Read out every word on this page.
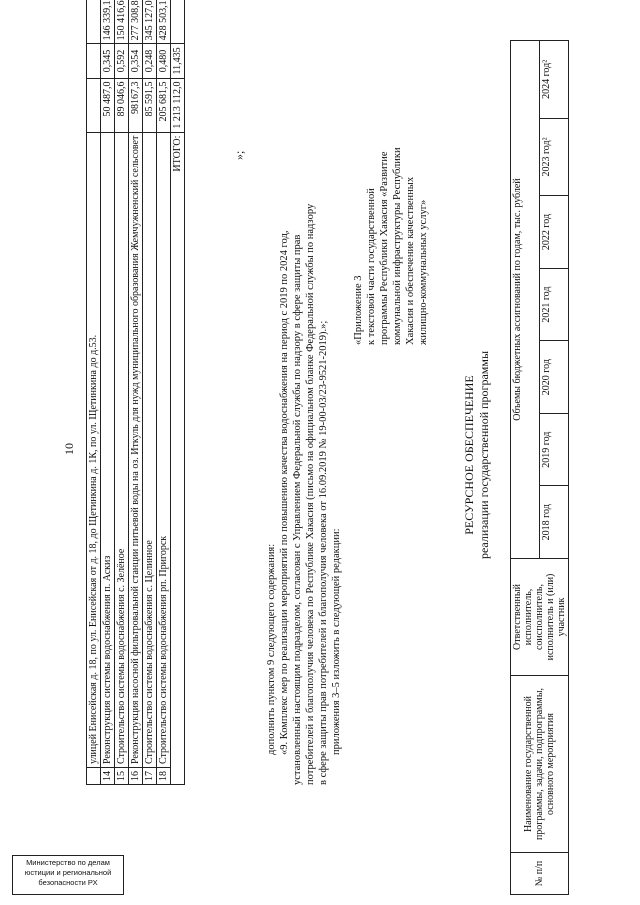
Министерство по делам
юстиции и региональной
безопасности РХ
10
	улицей Енисейская д. 18, по ул. Енисейская от д. 18, до Щетинкина д. 1К, по ул. Щетинкина до д.53.			
14	Реконструкция системы водоснабжения п. Аскиз	50 487,0	0,345	146 339,1
15	Строительство системы водоснабжения с. Зелёное	89 046,6	0,592	150 416,6
16	Реконструкция насосной фильтровальной станции питьевой воды на оз. Иткуль для нужд муниципального образования Жемчужненский сельсовет	98167,3	0,354	277 308,8
17	Строительство системы водоснабжения с. Целинное	85 591,5	0,248	345 127,0
18	Строительство системы водоснабжения рп. Пригорск	205 681,5	0,480	428 503,1
ИТОГО:		1 213 112,0	11,435	
»;
дополнить пунктом 9 следующего содержания: «9. Комплекс мер по реализации мероприятий по повышению качества водоснабжения на период с 2019 по 2024 год, установленный настоящим подразделом, согласован с Управлением Федеральной службы по надзору в сфере защиты прав потребителей и благополучия человека по Республике Хакасия (письмо на официальном бланке Федеральной службы по надзору в сфере защиты прав потребителей и благополучия человека от 16.09.2019 № 19-00-03/23-9521-2019).»; приложения 3–5 изложить в следующей редакции:
«Приложение 3 к текстовой части государственной программы Республики Хакасия «Развитие коммунальной инфраструктуры Республики Хакасия и обеспечение качественных жилищно-коммунальных услуг»
РЕСУРСНОЕ ОБЕСПЕЧЕНИЕ реализации государственной программы
№ п/п	Наименование государственной программы, задачи, подпрограммы, основного мероприятия	Ответственный исполнитель, соисполнитель, исполнитель и (или) участник	Объемы бюджетных ассигнований по годам, тыс. рублей						
			2018 год	2019 год	2020 год	2021 год	2022 год	2023 год²	2024 год²
